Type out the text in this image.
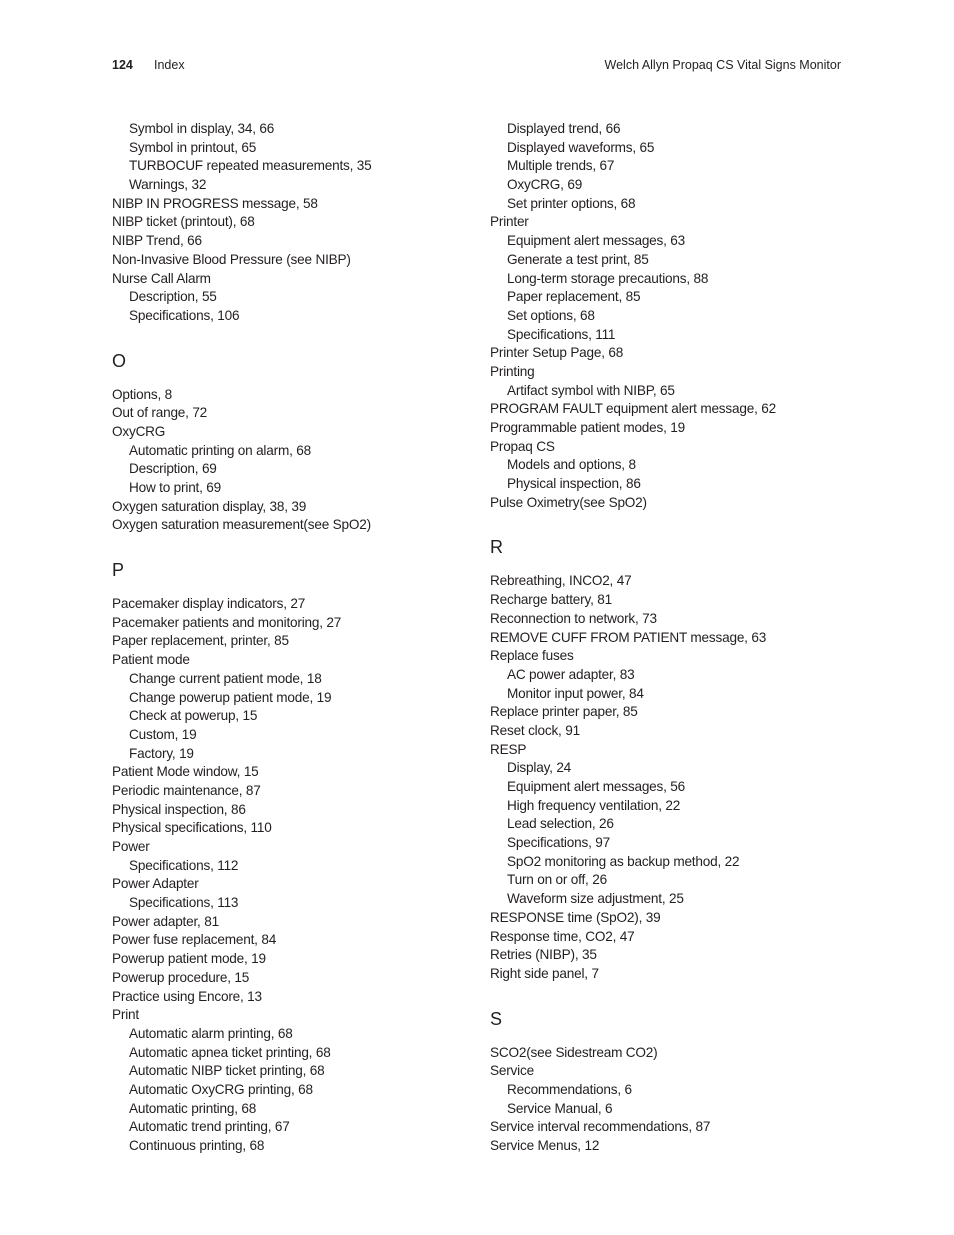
124 Index	Welch Allyn Propaq CS Vital Signs Monitor
Symbol in display, 34, 66
Symbol in printout, 65
TURBOCUF repeated measurements, 35
Warnings, 32
NIBP IN PROGRESS message, 58
NIBP ticket (printout), 68
NIBP Trend, 66
Non-Invasive Blood Pressure (see NIBP)
Nurse Call Alarm
Description, 55
Specifications, 106
O
Options, 8
Out of range, 72
OxyCRG
Automatic printing on alarm, 68
Description, 69
How to print, 69
Oxygen saturation display, 38, 39
Oxygen saturation measurement(see SpO2)
P
Pacemaker display indicators, 27
Pacemaker patients and monitoring, 27
Paper replacement, printer, 85
Patient mode
Change current patient mode, 18
Change powerup patient mode, 19
Check at powerup, 15
Custom, 19
Factory, 19
Patient Mode window, 15
Periodic maintenance, 87
Physical inspection, 86
Physical specifications, 110
Power
Specifications, 112
Power Adapter
Specifications, 113
Power adapter, 81
Power fuse replacement, 84
Powerup patient mode, 19
Powerup procedure, 15
Practice using Encore, 13
Print
Automatic alarm printing, 68
Automatic apnea ticket printing, 68
Automatic NIBP ticket printing, 68
Automatic OxyCRG printing, 68
Automatic printing, 68
Automatic trend printing, 67
Continuous printing, 68
Displayed trend, 66
Displayed waveforms, 65
Multiple trends, 67
OxyCRG, 69
Set printer options, 68
Printer
Equipment alert messages, 63
Generate a test print, 85
Long-term storage precautions, 88
Paper replacement, 85
Set options, 68
Specifications, 111
Printer Setup Page, 68
Printing
Artifact symbol with NIBP, 65
PROGRAM FAULT equipment alert message, 62
Programmable patient modes, 19
Propaq CS
Models and options, 8
Physical inspection, 86
Pulse Oximetry(see SpO2)
R
Rebreathing, INCO2, 47
Recharge battery, 81
Reconnection to network, 73
REMOVE CUFF FROM PATIENT message, 63
Replace fuses
AC power adapter, 83
Monitor input power, 84
Replace printer paper, 85
Reset clock, 91
RESP
Display, 24
Equipment alert messages, 56
High frequency ventilation, 22
Lead selection, 26
Specifications, 97
SpO2 monitoring as backup method, 22
Turn on or off, 26
Waveform size adjustment, 25
RESPONSE time (SpO2), 39
Response time, CO2, 47
Retries (NIBP), 35
Right side panel, 7
S
SCO2(see Sidestream CO2)
Service
Recommendations, 6
Service Manual, 6
Service interval recommendations, 87
Service Menus, 12
